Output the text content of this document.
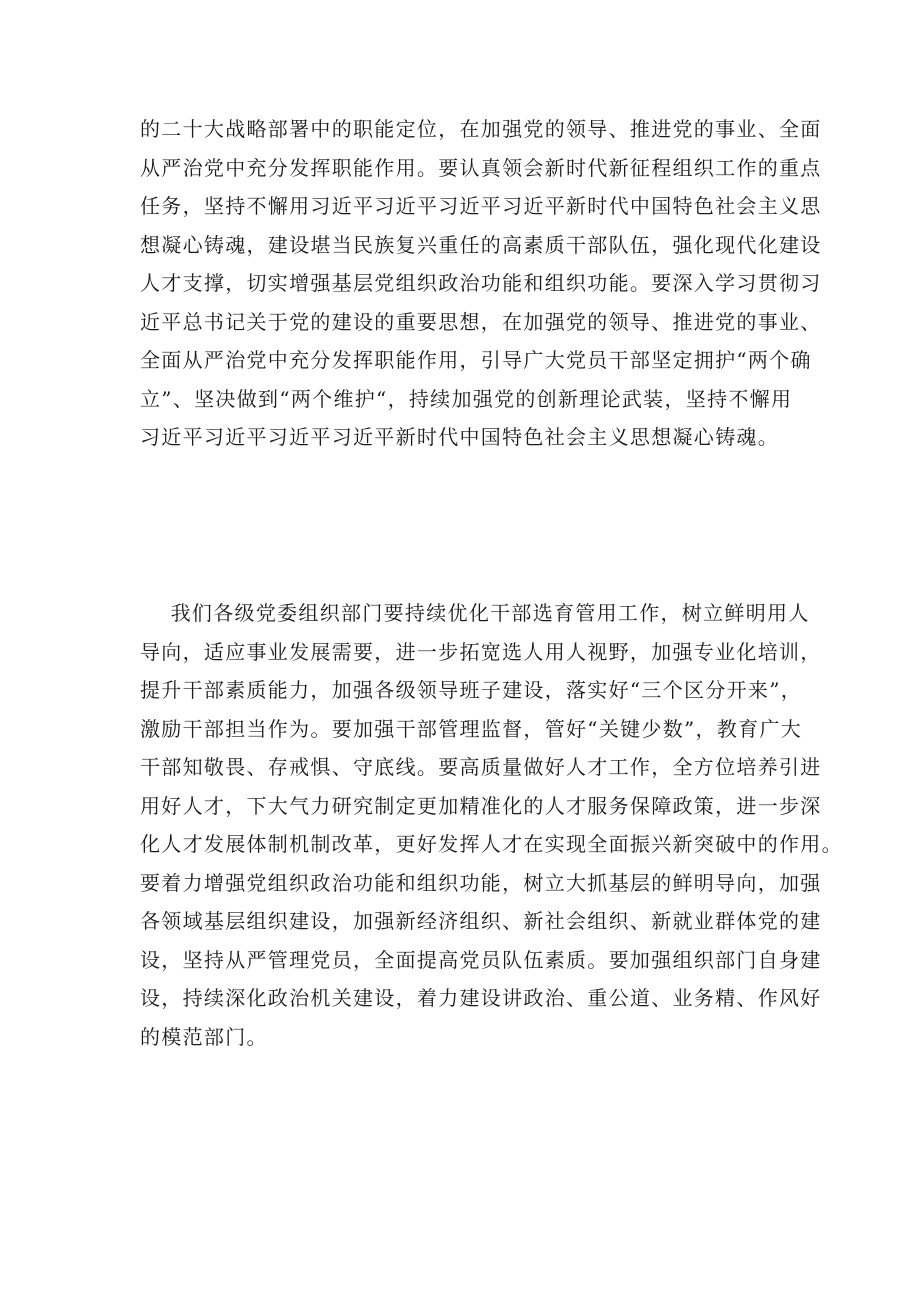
的二十大战略部署中的职能定位，在加强党的领导、推进党的事业、全面
从严治党中充分发挥职能作用。要认真领会新时代新征程组织工作的重点
任务，坚持不懈用习近平习近平习近平习近平新时代中国特色社会主义思
想凝心铸魂，建设堪当民族复兴重任的高素质干部队伍，强化现代化建设
人才支撑，切实增强基层党组织政治功能和组织功能。要深入学习贯彻习
近平总书记关于党的建设的重要思想，在加强党的领导、推进党的事业、
全面从严治党中充分发挥职能作用，引导广大党员干部坚定拥护“两个确
立”、坚决做到“两个维护“，持续加强党的创新理论武装，坚持不懈用
习近平习近平习近平习近平新时代中国特色社会主义思想凝心铸魂。
我们各级党委组织部门要持续优化干部选育管用工作，树立鲜明用人
导向，适应事业发展需要，进一步拓宽选人用人视野，加强专业化培训，
提升干部素质能力，加强各级领导班子建设，落实好“三个区分开来”，
激励干部担当作为。要加强干部管理监督，管好“关键少数”，教育广大
干部知敬畏、存戒惧、守底线。要高质量做好人才工作，全方位培养引进
用好人才，下大气力研究制定更加精准化的人才服务保障政策，进一步深
化人才发展体制机制改革，更好发挥人才在实现全面振兴新突破中的作用。
要着力增强党组织政治功能和组织功能，树立大抓基层的鲜明导向，加强
各领域基层组织建设，加强新经济组织、新社会组织、新就业群体党的建
设，坚持从严管理党员，全面提高党员队伍素质。要加强组织部门自身建
设，持续深化政治机关建设，着力建设讲政治、重公道、业务精、作风好
的模范部门。
